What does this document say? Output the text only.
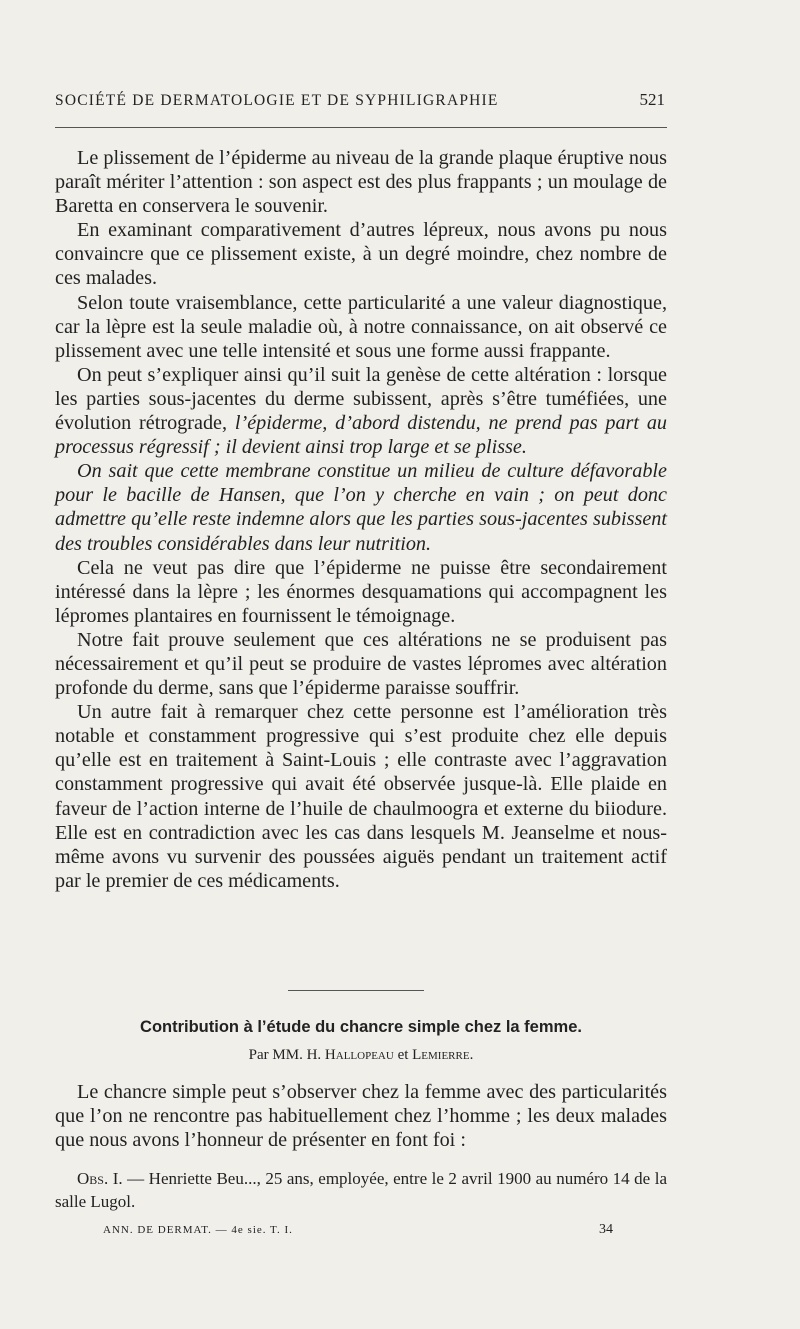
SOCIÉTÉ DE DERMATOLOGIE ET DE SYPHILIGRAPHIE	521

Le plissement de l’épiderme au niveau de la grande plaque éruptive nous paraît mériter l’attention : son aspect est des plus frappants ; un moulage de Baretta en conservera le souvenir.

En examinant comparativement d’autres lépreux, nous avons pu nous convaincre que ce plissement existe, à un degré moindre, chez nombre de ces malades.

Selon toute vraisemblance, cette particularité a une valeur diagnostique, car la lèpre est la seule maladie où, à notre connaissance, on ait observé ce plissement avec une telle intensité et sous une forme aussi frappante.

On peut s’expliquer ainsi qu’il suit la genèse de cette altération : lorsque les parties sous-jacentes du derme subissent, après s’être tuméfiées, une évolution rétrograde, l’épiderme, d’abord distendu, ne prend pas part au processus régressif ; il devient ainsi trop large et se plisse.

On sait que cette membrane constitue un milieu de culture défavorable pour le bacille de Hansen, que l’on y cherche en vain ; on peut donc admettre qu’elle reste indemne alors que les parties sous-jacentes subissent des troubles considérables dans leur nutrition.

Cela ne veut pas dire que l’épiderme ne puisse être secondairement intéressé dans la lèpre ; les énormes desquamations qui accompagnent les lépromes plantaires en fournissent le témoignage.

Notre fait prouve seulement que ces altérations ne se produisent pas nécessairement et qu’il peut se produire de vastes lépromes avec altération profonde du derme, sans que l’épiderme paraisse souffrir.

Un autre fait à remarquer chez cette personne est l’amélioration très notable et constamment progressive qui s’est produite chez elle depuis qu’elle est en traitement à Saint-Louis ; elle contraste avec l’aggravation constamment progressive qui avait été observée jusque-là. Elle plaide en faveur de l’action interne de l’huile de chaulmoogra et externe du biiodure. Elle est en contradiction avec les cas dans lesquels M. Jeanselme et nous-même avons vu survenir des poussées aiguës pendant un traitement actif par le premier de ces médicaments.

Contribution à l’étude du chancre simple chez la femme.
Par MM. H. Hallopeau et Lemierre.

Le chancre simple peut s’observer chez la femme avec des particularités que l’on ne rencontre pas habituellement chez l’homme ; les deux malades que nous avons l’honneur de présenter en font foi :

Obs. I. — Henriette Beu..., 25 ans, employée, entre le 2 avril 1900 au numéro 14 de la salle Lugol.

ANN. DE DERMAT. — 4e sie. T. I.	34
